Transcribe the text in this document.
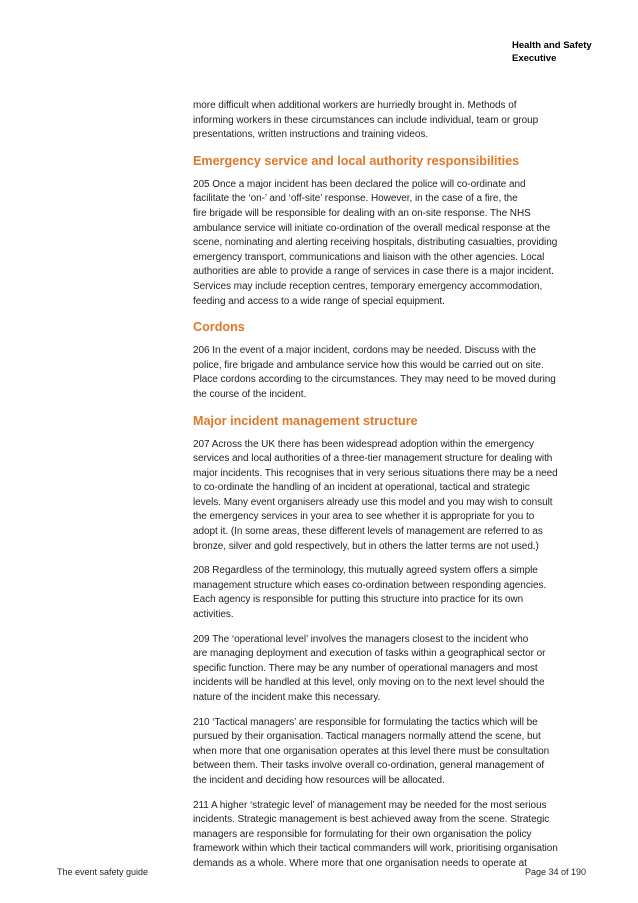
Health and Safety
Executive
more difficult when additional workers are hurriedly brought in. Methods of
informing workers in these circumstances can include individual, team or group
presentations, written instructions and training videos.
Emergency service and local authority responsibilities
205 Once a major incident has been declared the police will co-ordinate and
facilitate the ‘on-’ and ‘off-site’ response. However, in the case of a fire, the
fire brigade will be responsible for dealing with an on-site response. The NHS
ambulance service will initiate co-ordination of the overall medical response at the
scene, nominating and alerting receiving hospitals, distributing casualties, providing
emergency transport, communications and liaison with the other agencies. Local
authorities are able to provide a range of services in case there is a major incident.
Services may include reception centres, temporary emergency accommodation,
feeding and access to a wide range of special equipment.
Cordons
206 In the event of a major incident, cordons may be needed. Discuss with the
police, fire brigade and ambulance service how this would be carried out on site.
Place cordons according to the circumstances. They may need to be moved during
the course of the incident.
Major incident management structure
207 Across the UK there has been widespread adoption within the emergency
services and local authorities of a three-tier management structure for dealing with
major incidents. This recognises that in very serious situations there may be a need
to co-ordinate the handling of an incident at operational, tactical and strategic
levels. Many event organisers already use this model and you may wish to consult
the emergency services in your area to see whether it is appropriate for you to
adopt it. (In some areas, these different levels of management are referred to as
bronze, silver and gold respectively, but in others the latter terms are not used.)
208 Regardless of the terminology, this mutually agreed system offers a simple
management structure which eases co-ordination between responding agencies.
Each agency is responsible for putting this structure into practice for its own
activities.
209 The ‘operational level’ involves the managers closest to the incident who
are managing deployment and execution of tasks within a geographical sector or
specific function. There may be any number of operational managers and most
incidents will be handled at this level, only moving on to the next level should the
nature of the incident make this necessary.
210 ‘Tactical managers’ are responsible for formulating the tactics which will be
pursued by their organisation. Tactical managers normally attend the scene, but
when more that one organisation operates at this level there must be consultation
between them. Their tasks involve overall co-ordination, general management of
the incident and deciding how resources will be allocated.
211 A higher ‘strategic level’ of management may be needed for the most serious
incidents. Strategic management is best achieved away from the scene. Strategic
managers are responsible for formulating for their own organisation the policy
framework within which their tactical commanders will work, prioritising organisation
demands as a whole. Where more that one organisation needs to operate at
The event safety guide	Page 34 of 190
